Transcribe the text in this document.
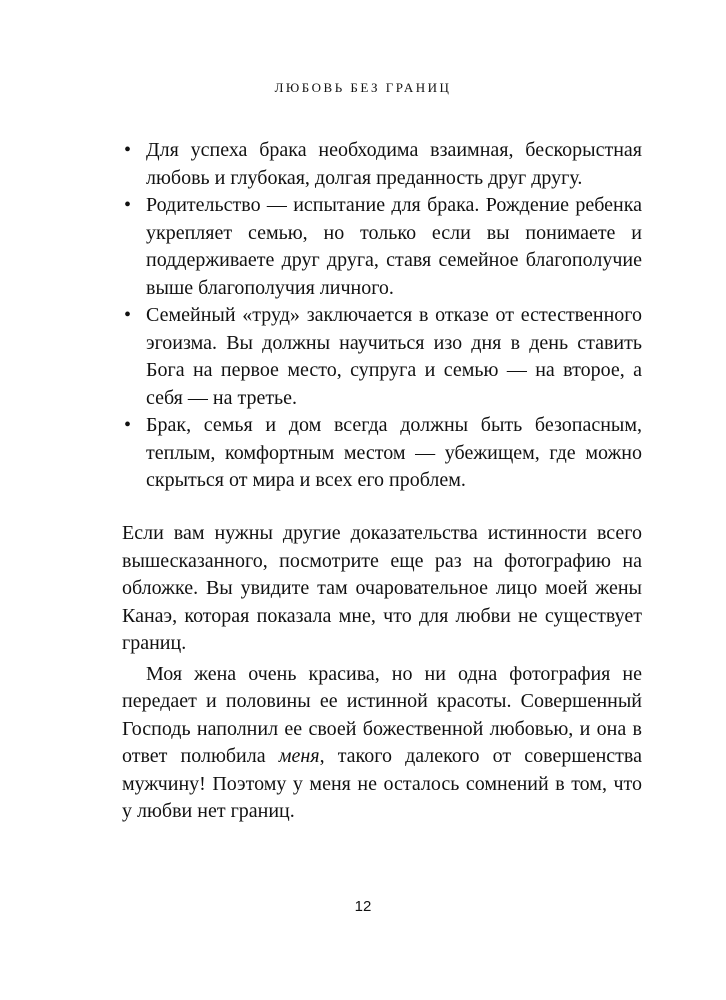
ЛЮБОВЬ БЕЗ ГРАНИЦ
• Для успеха брака необходима взаимная, бескорыстная любовь и глубокая, долгая преданность друг другу.
• Родительство — испытание для брака. Рождение ребенка укрепляет семью, но только если вы понимаете и поддерживаете друг друга, ставя семейное благополучие выше благополучия личного.
• Семейный «труд» заключается в отказе от естественного эгоизма. Вы должны научиться изо дня в день ставить Бога на первое место, супруга и семью — на второе, а себя — на третье.
• Брак, семья и дом всегда должны быть безопасным, теплым, комфортным местом — убежищем, где можно скрыться от мира и всех его проблем.

Если вам нужны другие доказательства истинности всего вышесказанного, посмотрите еще раз на фотографию на обложке. Вы увидите там очаровательное лицо моей жены Канаэ, которая показала мне, что для любви не существует границ.

Моя жена очень красива, но ни одна фотография не передает и половины ее истинной красоты. Совершенный Господь наполнил ее своей божественной любовью, и она в ответ полюбила меня, такого далекого от совершенства мужчину! Поэтому у меня не осталось сомнений в том, что у любви нет границ.

12
